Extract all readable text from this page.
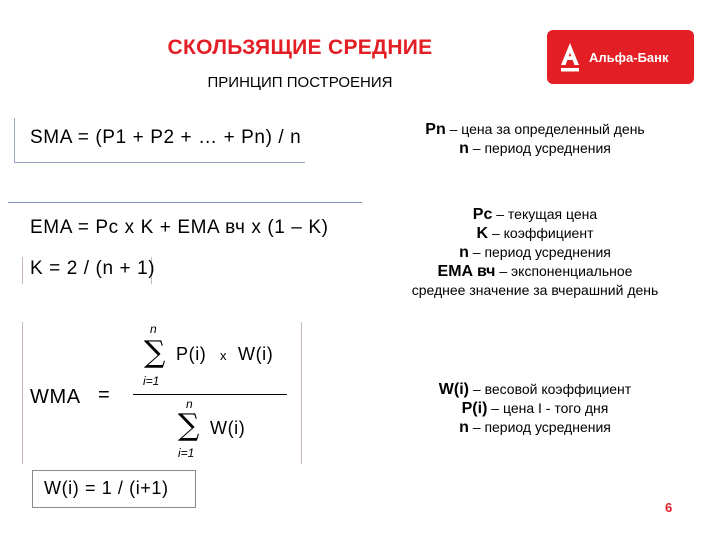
СКОЛЬЗЯЩИЕ СРЕДНИЕ
ПРИНЦИП ПОСТРОЕНИЯ
Альфа-Банк
SMA = (P1 + P2 + … + Pn) / n	Pn – цена за определенный день
n – период усреднения
EMA = Pc x K + EMA вч x (1 – K)
K = 2 / (n + 1)
Pc – текущая цена
K – коэффициент
n – период усреднения
EMA вч – экспоненциальное
среднее значение за вчерашний день
WMA =
n
∑
i=1
P(i) x W(i)
n
∑
i=1
W(i)
W(i) = 1 / (i+1)
W(i) – весовой коэффициент
P(i) – цена I - того дня
n – период усреднения
6
